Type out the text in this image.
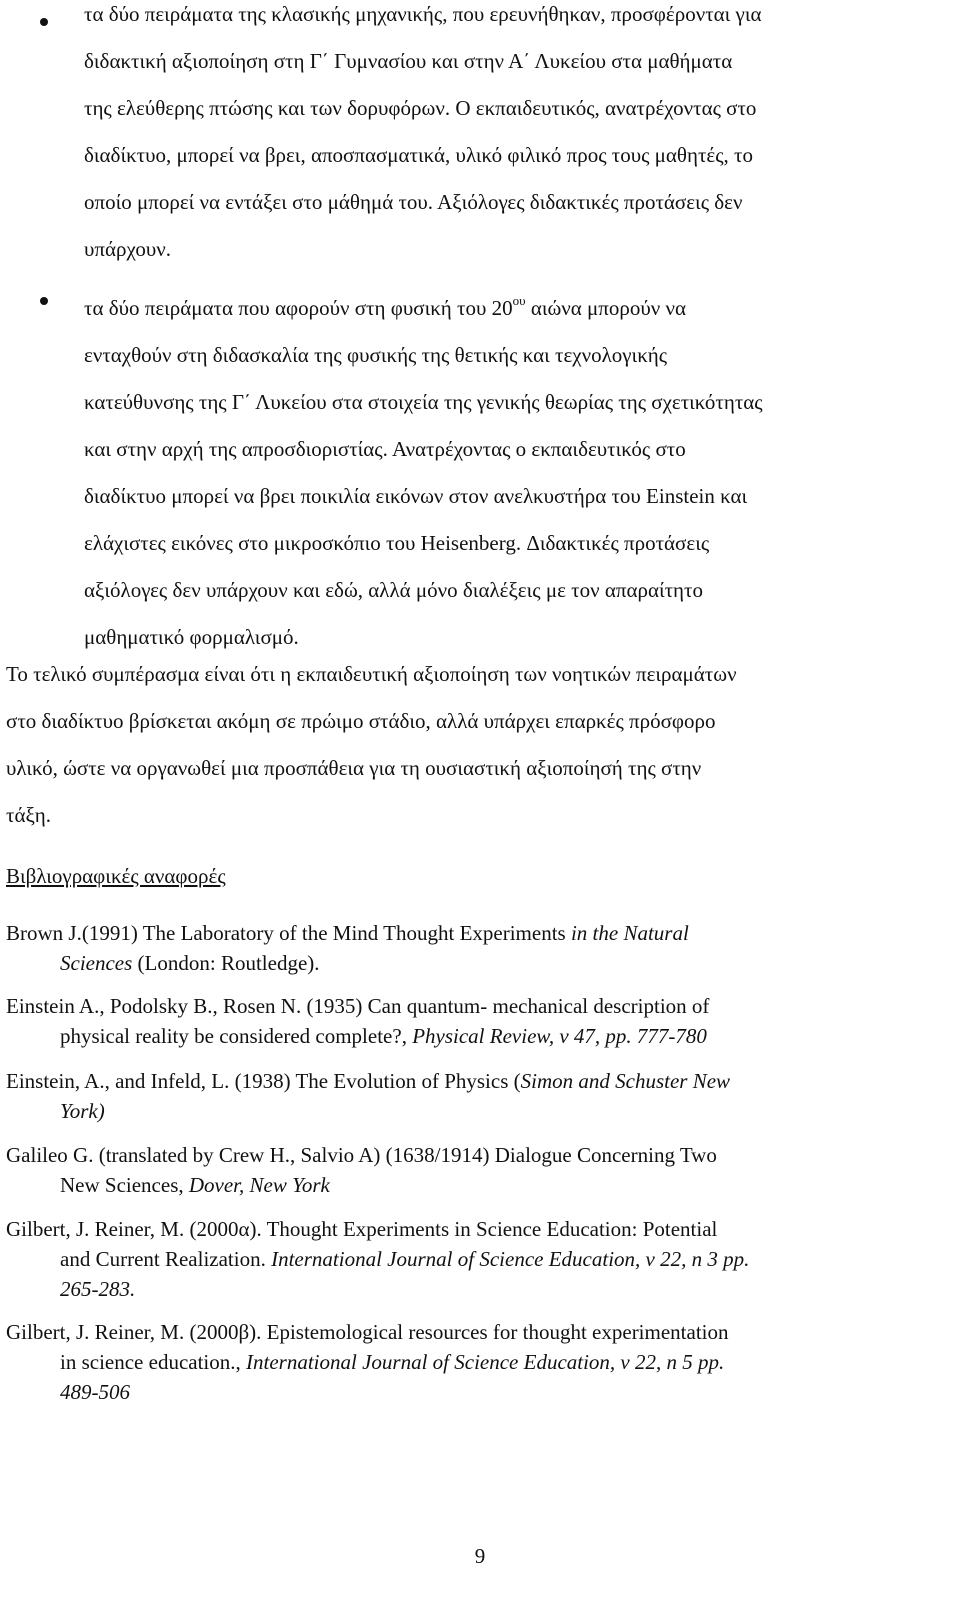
τα δύο πειράματα της κλασικής μηχανικής, που ερευνήθηκαν, προσφέρονται για
διδακτική αξιοποίηση στη Γ΄ Γυμνασίου και στην Α΄ Λυκείου στα μαθήματα
της ελεύθερης πτώσης και των δορυφόρων. Ο εκπαιδευτικός, ανατρέχοντας στο
διαδίκτυο, μπορεί να βρει, αποσπασματικά, υλικό φιλικό προς τους μαθητές, το
οποίο μπορεί να εντάξει στο μάθημά του. Αξιόλογες διδακτικές προτάσεις δεν
υπάρχουν.
τα δύο πειράματα που αφορούν στη φυσική του $20^{o\upsilon}$ αιώνα μπορούν να
ενταχθούν στη διδασκαλία της φυσικής της θετικής και τεχνολογικής
κατεύθυνσης της Γ΄ Λυκείου στα στοιχεία της γενικής θεωρίας της σχετικότητας
και στην αρχή της απροσδιοριστίας. Ανατρέχοντας ο εκπαιδευτικός στο
διαδίκτυο μπορεί να βρει ποικιλία εικόνων στον ανελκυστήρα του Einstein και
ελάχιστες εικόνες στο μικροσκόπιο του Heisenberg. Διδακτικές προτάσεις
αξιόλογες δεν υπάρχουν και εδώ, αλλά μόνο διαλέξεις με τον απαραίτητο
μαθηματικό φορμαλισμό.
Το τελικό συμπέρασμα είναι ότι η εκπαιδευτική αξιοποίηση των νοητικών πειραμάτων
στο διαδίκτυο βρίσκεται ακόμη σε πρώιμο στάδιο, αλλά υπάρχει επαρκές πρόσφορο
υλικό, ώστε να οργανωθεί μια προσπάθεια για τη ουσιαστική αξιοποίησή της στην
τάξη.
Βιβλιογραφικές αναφορές
Brown J.(1991) The Laboratory of the Mind Thought Experiments in the Natural
Sciences (London: Routledge).
Einstein A., Podolsky B., Rosen N. (1935) Can quantum- mechanical description of
physical reality be considered complete?, Physical Review, v 47, pp. 777-780
Einstein, A., and Infeld, L. (1938) The Evolution of Physics (Simon and Schuster New
York)
Galileo G. (translated by Crew H., Salvio A) (1638/1914) Dialogue Concerning Two
New Sciences, Dover, New York
Gilbert, J. Reiner, M. (2000α). Thought Experiments in Science Education: Potential
and Current Realization. International Journal of Science Education, v 22, n 3 pp.
265-283.
Gilbert, J. Reiner, M. (2000β). Epistemological resources for thought experimentation
in science education., International Journal of Science Education, v 22, n 5 pp.
489-506
9
